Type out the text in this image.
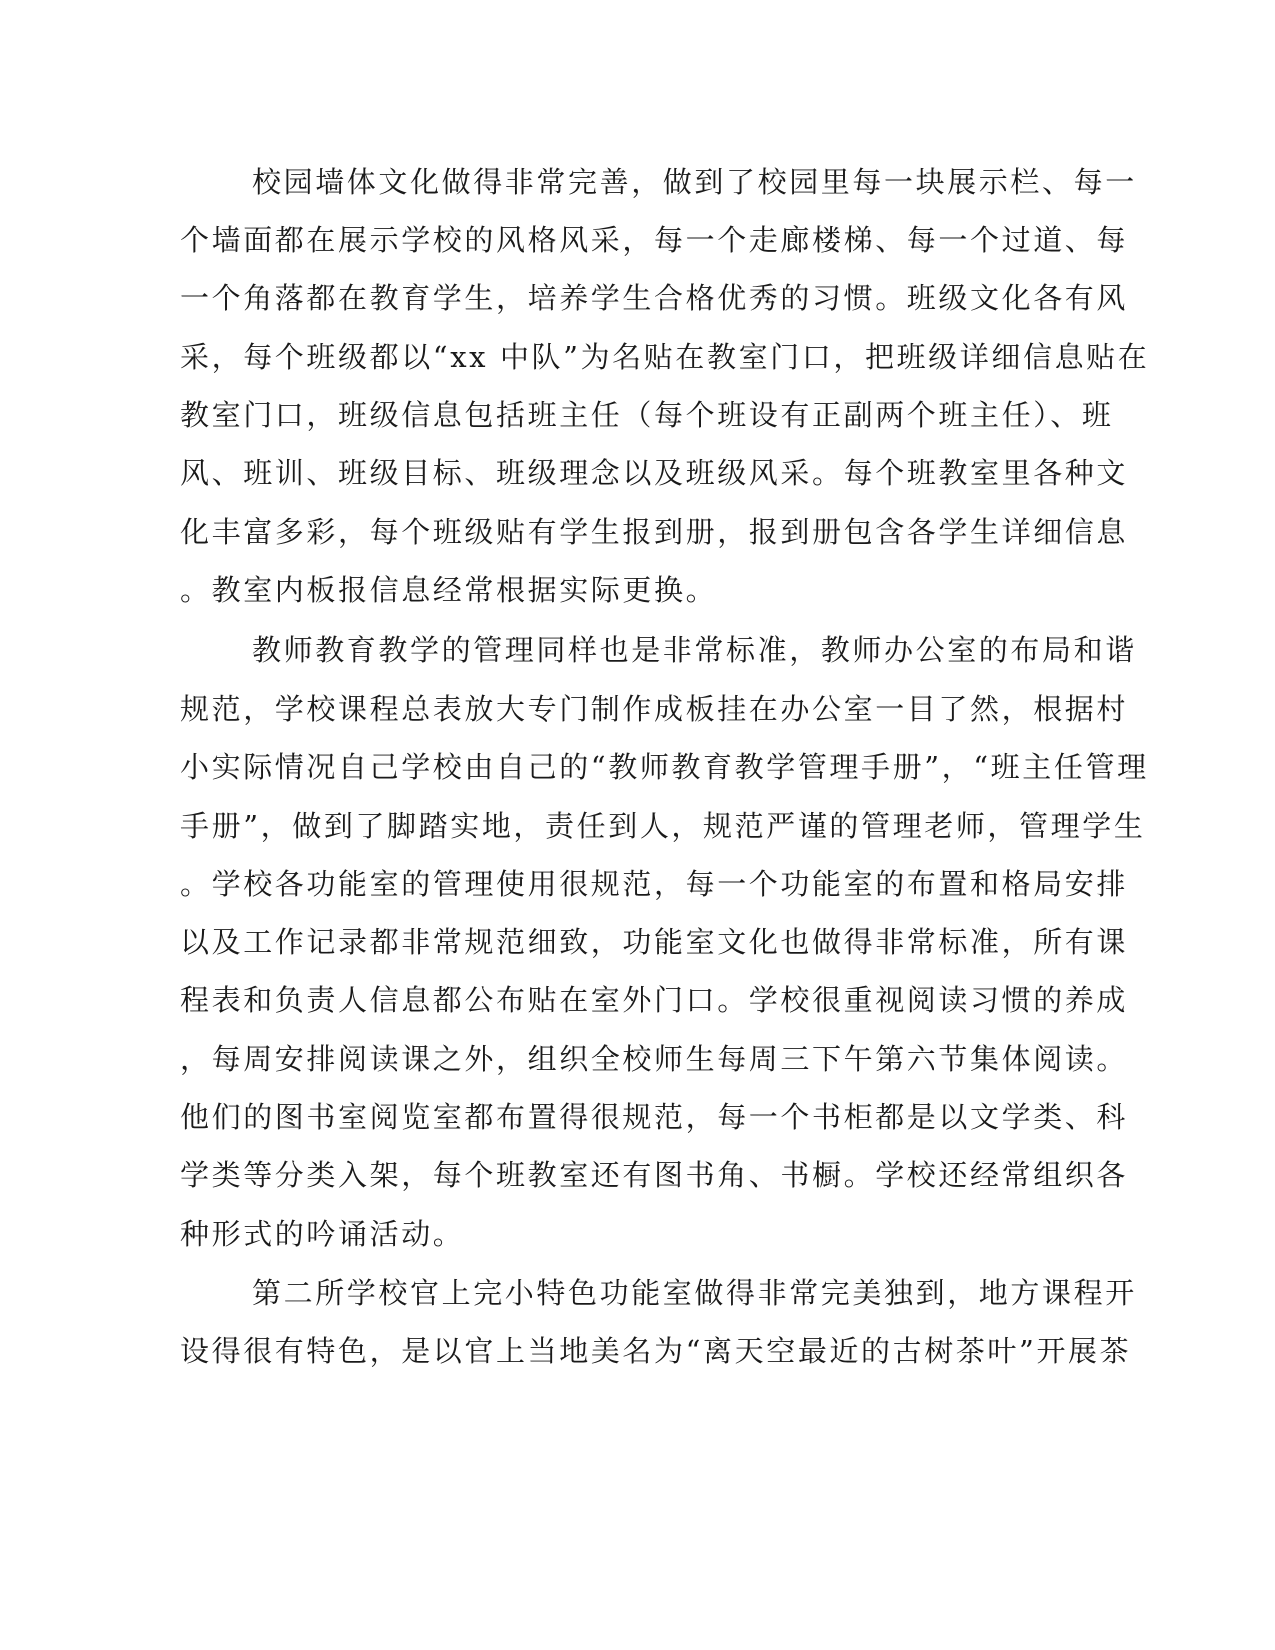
校园墙体文化做得非常完善，做到了校园里每一块展示栏、每一
个墙面都在展示学校的风格风采，每一个走廊楼梯、每一个过道、每
一个角落都在教育学生，培养学生合格优秀的习惯。班级文化各有风
采，每个班级都以“xx 中队”为名贴在教室门口，把班级详细信息贴在
教室门口，班级信息包括班主任（每个班设有正副两个班主任）、班
风、班训、班级目标、班级理念以及班级风采。每个班教室里各种文
化丰富多彩，每个班级贴有学生报到册，报到册包含各学生详细信息
。教室内板报信息经常根据实际更换。
教师教育教学的管理同样也是非常标准，教师办公室的布局和谐
规范，学校课程总表放大专门制作成板挂在办公室一目了然，根据村
小实际情况自己学校由自己的“教师教育教学管理手册”，“班主任管理
手册”，做到了脚踏实地，责任到人，规范严谨的管理老师，管理学生
。学校各功能室的管理使用很规范，每一个功能室的布置和格局安排
以及工作记录都非常规范细致，功能室文化也做得非常标准，所有课
程表和负责人信息都公布贴在室外门口。学校很重视阅读习惯的养成
，每周安排阅读课之外，组织全校师生每周三下午第六节集体阅读。
他们的图书室阅览室都布置得很规范，每一个书柜都是以文学类、科
学类等分类入架，每个班教室还有图书角、书橱。学校还经常组织各
种形式的吟诵活动。
第二所学校官上完小特色功能室做得非常完美独到，地方课程开
设得很有特色，是以官上当地美名为“离天空最近的古树茶叶”开展茶
